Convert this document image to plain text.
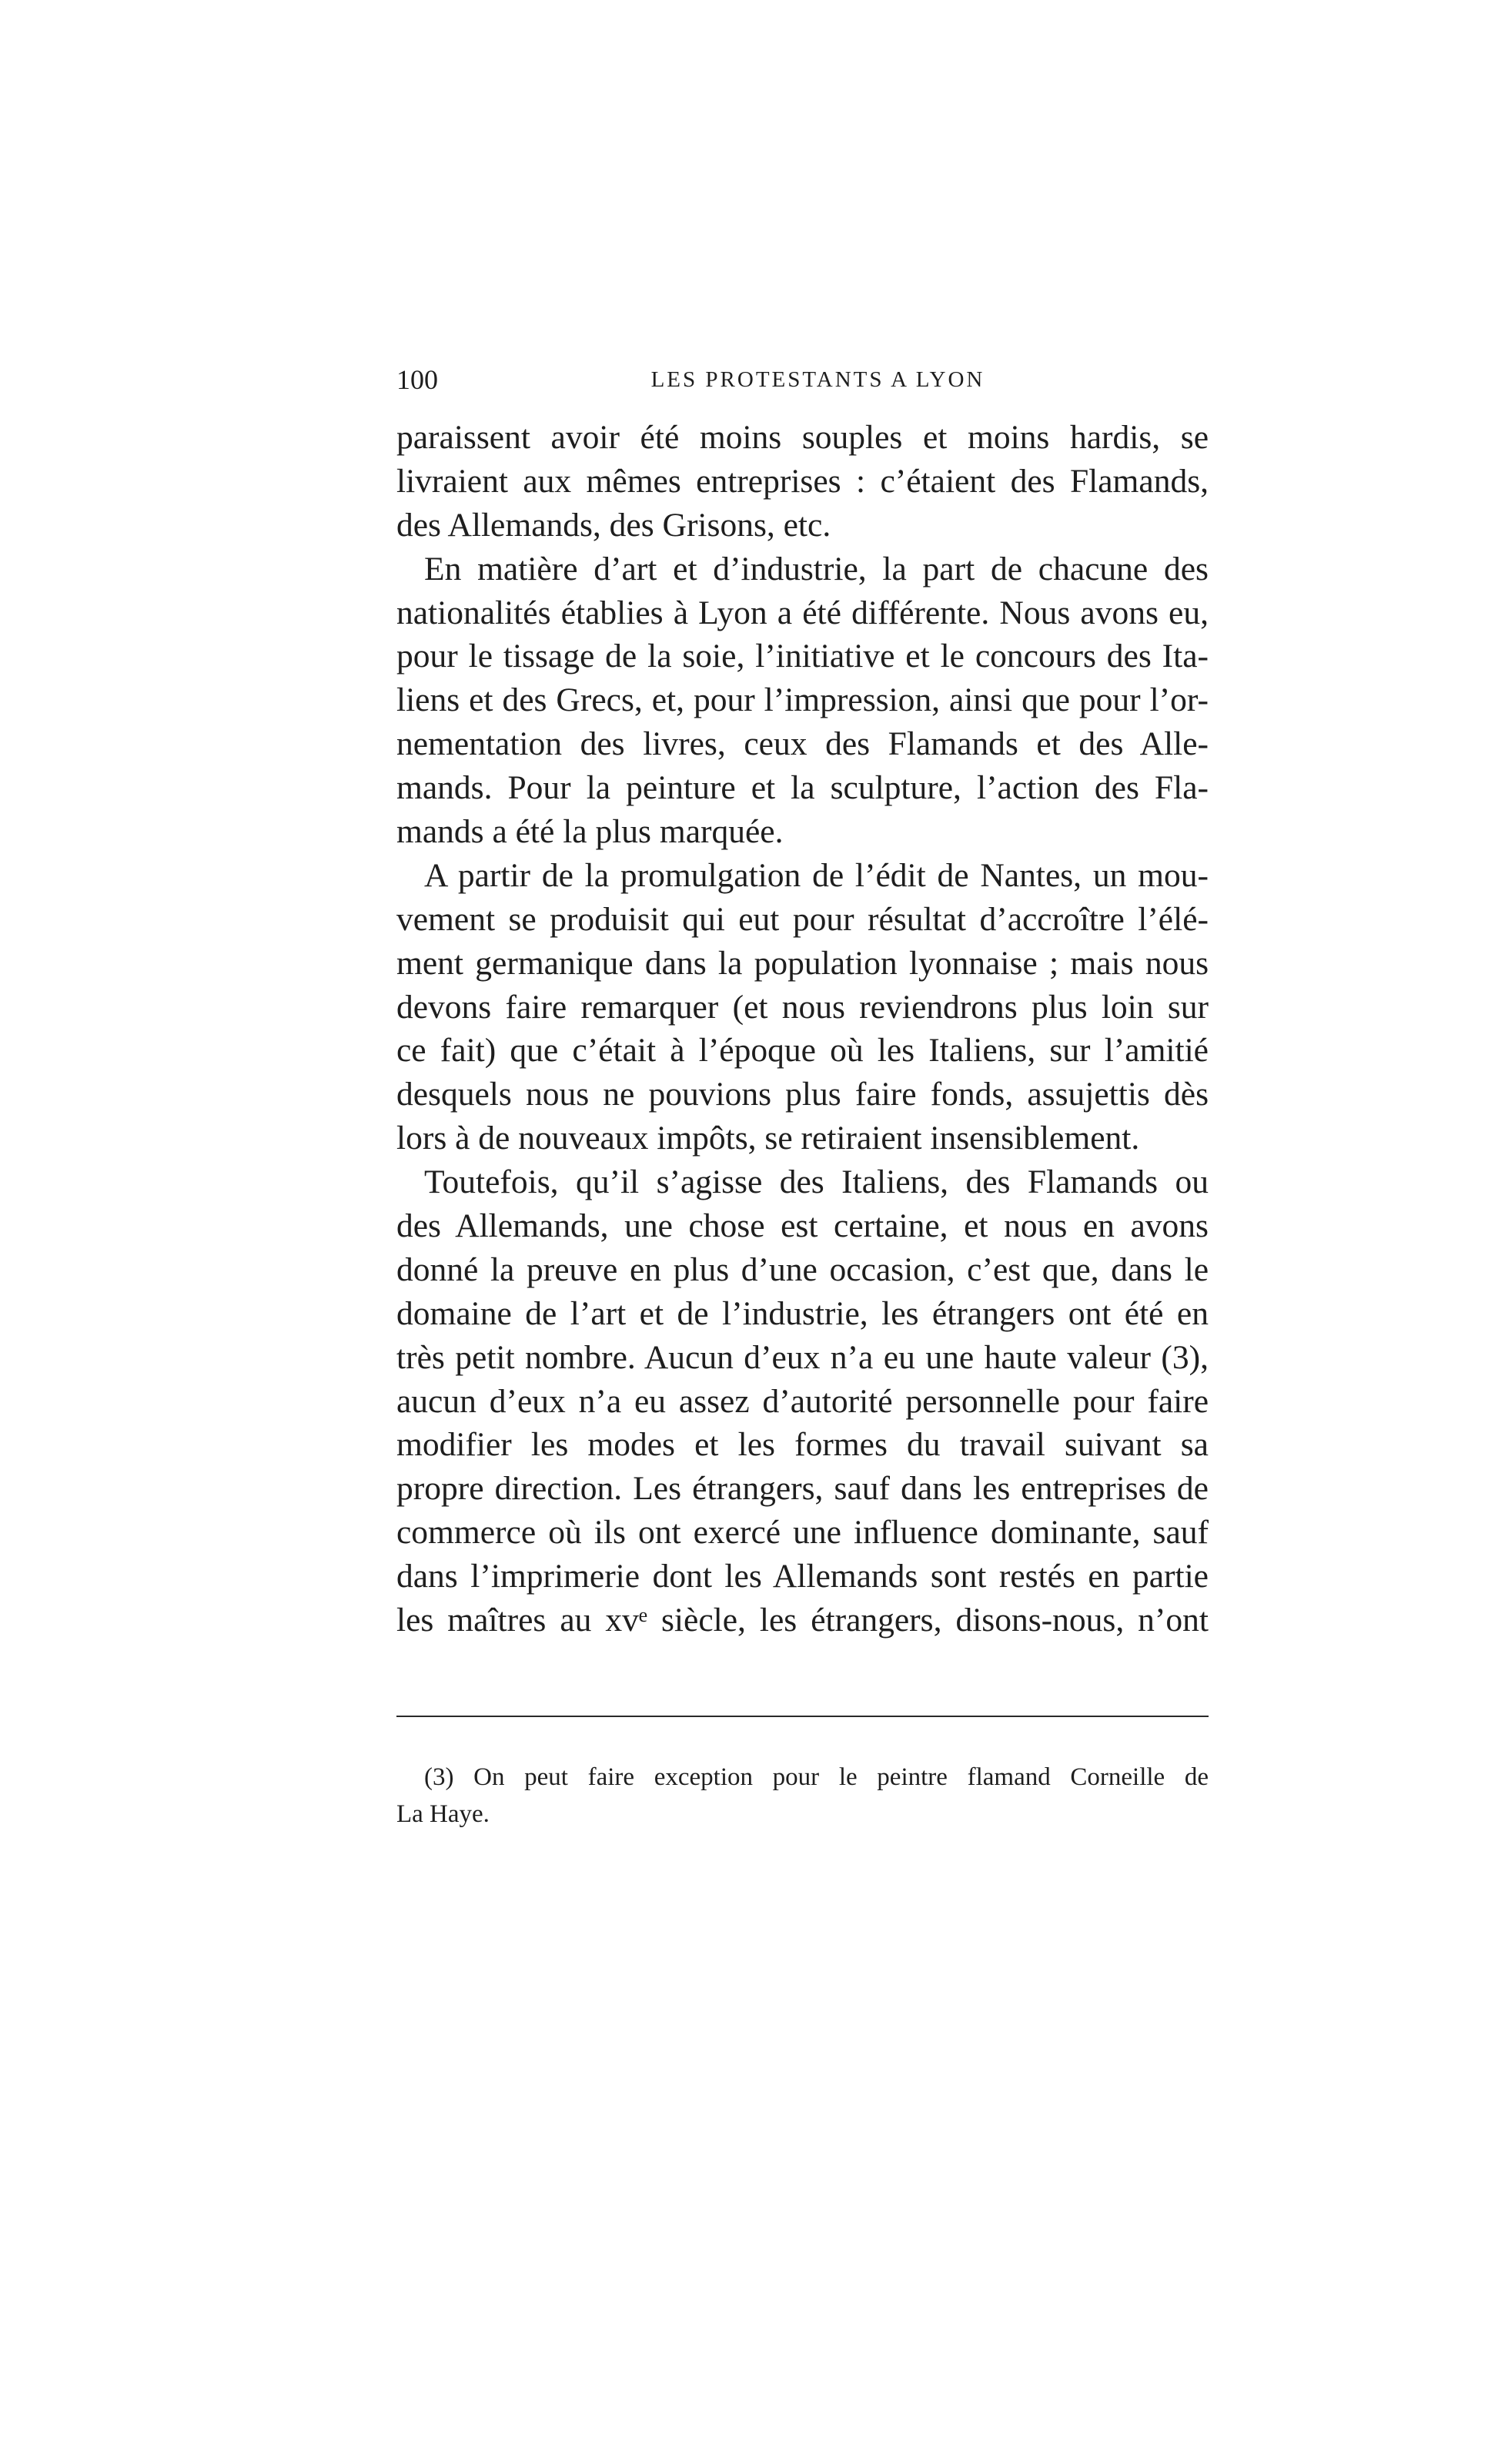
100	LES PROTESTANTS A LYON
paraissent avoir été moins souples et moins hardis, se
livraient aux mêmes entreprises : c’étaient des Flamands,
des Allemands, des Grisons, etc.
En matière d’art et d’industrie, la part de chacune des
nationalités établies à Lyon a été différente. Nous avons eu,
pour le tissage de la soie, l’initiative et le concours des Ita-
liens et des Grecs, et, pour l’impression, ainsi que pour l’or-
nementation des livres, ceux des Flamands et des Alle-
mands. Pour la peinture et la sculpture, l’action des Fla-
mands a été la plus marquée.
A partir de la promulgation de l’édit de Nantes, un mou-
vement se produisit qui eut pour résultat d’accroître l’élé-
ment germanique dans la population lyonnaise ; mais nous
devons faire remarquer (et nous reviendrons plus loin sur
ce fait) que c’était à l’époque où les Italiens, sur l’amitié
desquels nous ne pouvions plus faire fonds, assujettis dès
lors à de nouveaux impôts, se retiraient insensiblement.
Toutefois, qu’il s’agisse des Italiens, des Flamands ou
des Allemands, une chose est certaine, et nous en avons
donné la preuve en plus d’une occasion, c’est que, dans le
domaine de l’art et de l’industrie, les étrangers ont été en
très petit nombre. Aucun d’eux n’a eu une haute valeur (3),
aucun d’eux n’a eu assez d’autorité personnelle pour faire
modifier les modes et les formes du travail suivant sa
propre direction. Les étrangers, sauf dans les entreprises de
commerce où ils ont exercé une influence dominante, sauf
dans l’imprimerie dont les Allemands sont restés en partie
les maîtres au xvᵉ siècle, les étrangers, disons-nous, n’ont
(3) On peut faire exception pour le peintre flamand Corneille de
La Haye.
